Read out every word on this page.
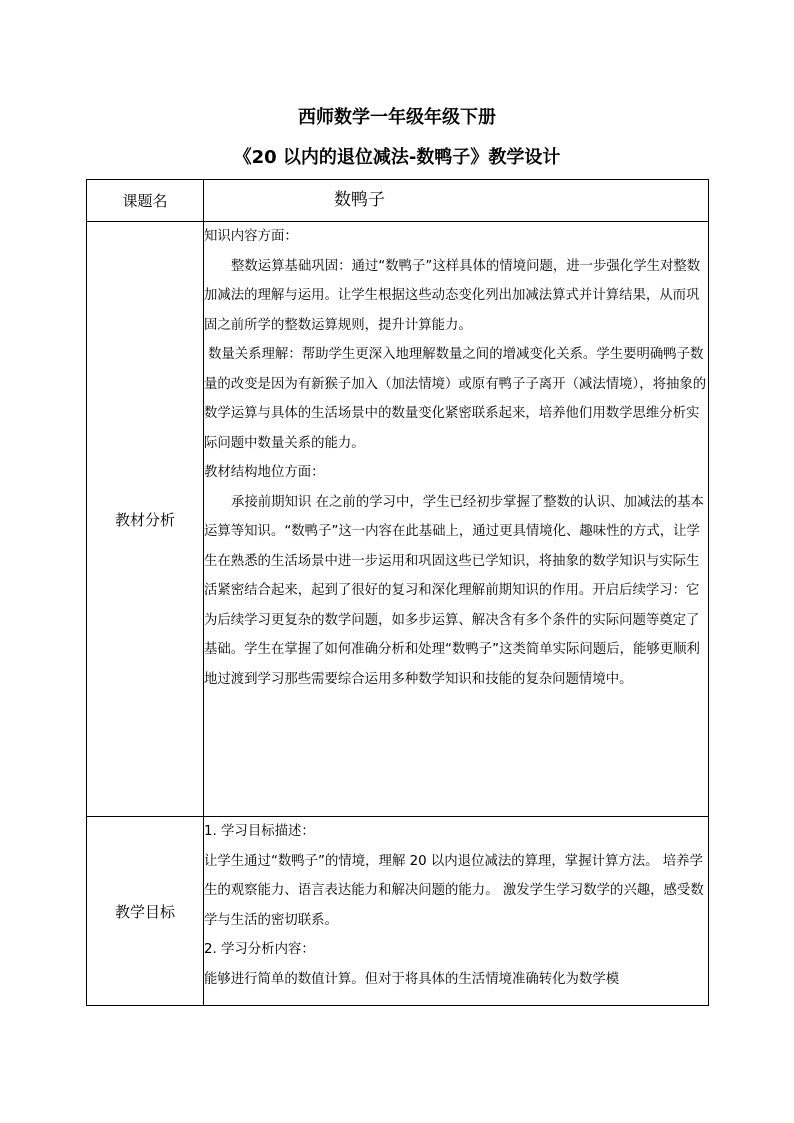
西师数学一年级年级下册
《20 以内的退位减法-数鸭子》教学设计
课题名	数鸭子
教材分析	知识内容方面：

整数运算基础巩固：通过“数鸭子”这样具体的情境问题，进一步强化学生对整数加减法的理解与运用。让学生根据这些动态变化列出加减法算式并计算结果，从而巩固之前所学的整数运算规则，提升计算能力。

数量关系理解：帮助学生更深入地理解数量之间的增减变化关系。学生要明确鸭子数量的改变是因为有新猴子加入（加法情境）或原有鸭子子离开（减法情境），将抽象的数学运算与具体的生活场景中的数量变化紧密联系起来，培养他们用数学思维分析实际问题中数量关系的能力。

教材结构地位方面：

承接前期知识 在之前的学习中，学生已经初步掌握了整数的认识、加减法的基本运算等知识。“数鸭子”这一内容在此基础上，通过更具情境化、趣味性的方式，让学生在熟悉的生活场景中进一步运用和巩固这些已学知识，将抽象的数学知识与实际生活紧密结合起来，起到了很好的复习和深化理解前期知识的作用。开启后续学习：它为后续学习更复杂的数学问题，如多步运算、解决含有多个条件的实际问题等奠定了基础。学生在掌握了如何准确分析和处理“数鸭子”这类简单实际问题后，能够更顺利地过渡到学习那些需要综合运用多种数学知识和技能的复杂问题情境中。

教学目标	1. 学习目标描述：

让学生通过“数鸭子”的情境，理解 20 以内退位减法的算理，掌握计算方法。 培养学生的观察能力、语言表达能力和解决问题的能力。 激发学生学习数学的兴趣，感受数学与生活的密切联系。

2. 学习分析内容：

能够进行简单的数值计算。但对于将具体的生活情境准确转化为数学模
